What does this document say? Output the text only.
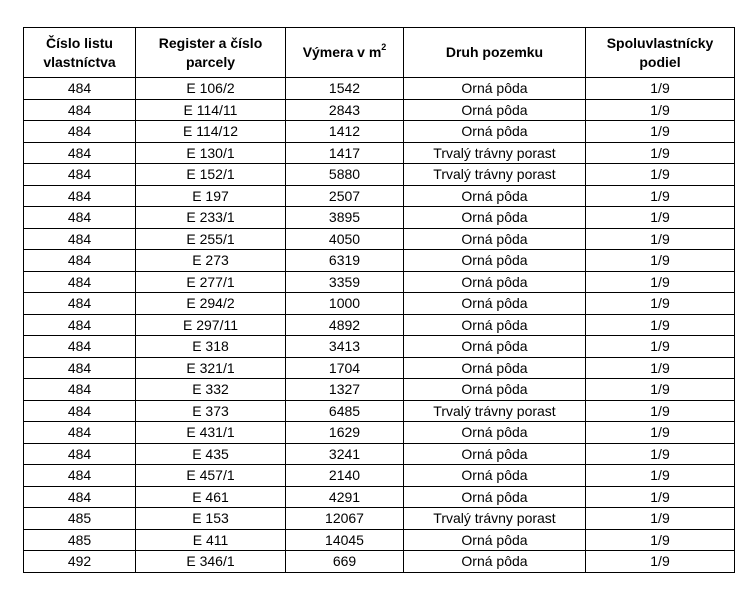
Číslo listu vlastníctva	Register a číslo parcely	Výmera v $m^2$	Druh pozemku	Spoluvlastnícky podiel
484	E 106/2	1542	Orná pôda	1/9
484	E 114/11	2843	Orná pôda	1/9
484	E 114/12	1412	Orná pôda	1/9
484	E 130/1	1417	Trvalý trávny porast	1/9
484	E 152/1	5880	Trvalý trávny porast	1/9
484	E 197	2507	Orná pôda	1/9
484	E 233/1	3895	Orná pôda	1/9
484	E 255/1	4050	Orná pôda	1/9
484	E 273	6319	Orná pôda	1/9
484	E 277/1	3359	Orná pôda	1/9
484	E 294/2	1000	Orná pôda	1/9
484	E 297/11	4892	Orná pôda	1/9
484	E 318	3413	Orná pôda	1/9
484	E 321/1	1704	Orná pôda	1/9
484	E 332	1327	Orná pôda	1/9
484	E 373	6485	Trvalý trávny porast	1/9
484	E 431/1	1629	Orná pôda	1/9
484	E 435	3241	Orná pôda	1/9
484	E 457/1	2140	Orná pôda	1/9
484	E 461	4291	Orná pôda	1/9
485	E 153	12067	Trvalý trávny porast	1/9
485	E 411	14045	Orná pôda	1/9
492	E 346/1	669	Orná pôda	1/9
